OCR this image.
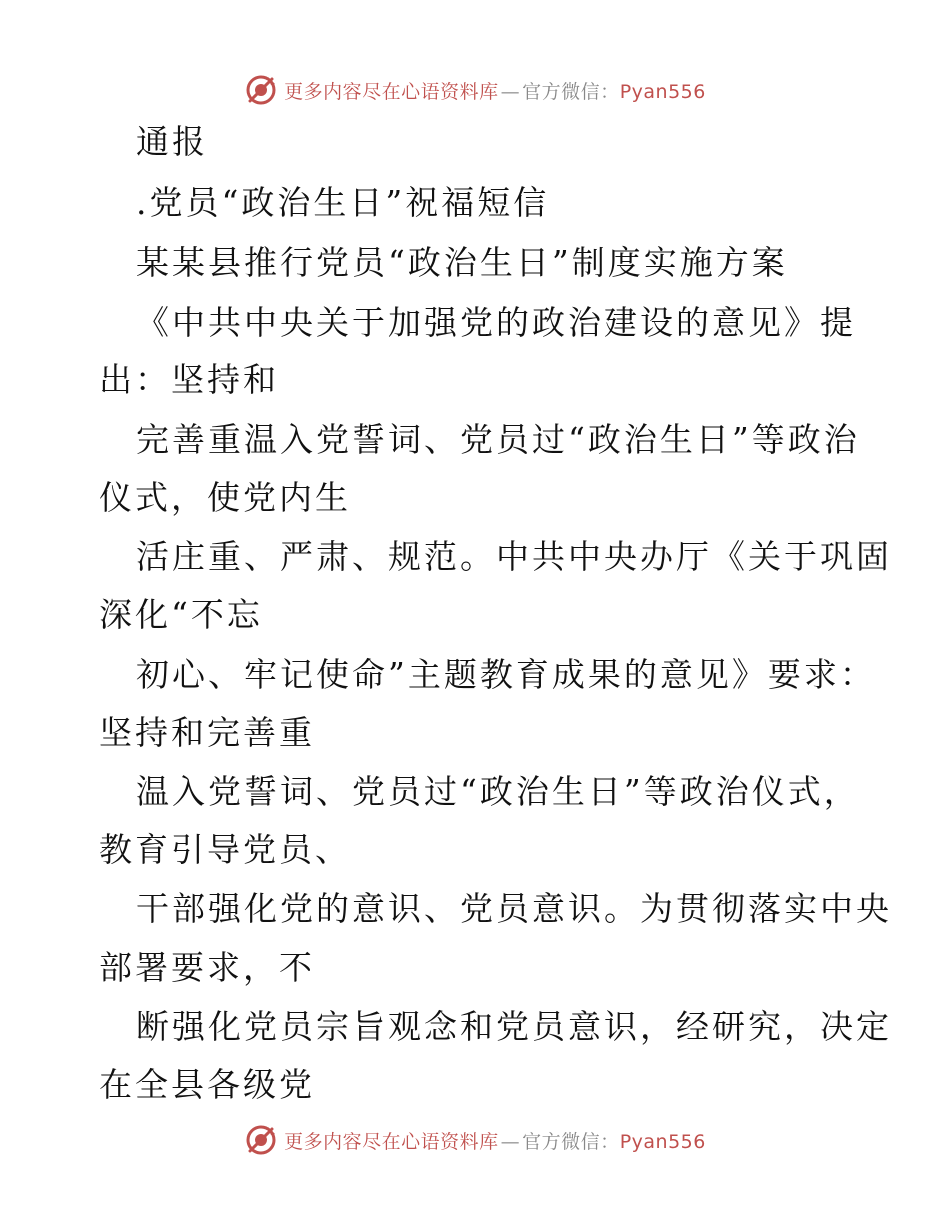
更多内容尽在心语资料库 — 官方微信：Pyan556
通报
.党员“政治生日”祝福短信
某某县推行党员“政治生日”制度实施方案
《中共中央关于加强党的政治建设的意见》提
出：坚持和
完善重温入党誓词、党员过“政治生日”等政治
仪式，使党内生
活庄重、严肃、规范。中共中央办厅《关于巩固
深化“不忘
初心、牢记使命”主题教育成果的意见》要求：
坚持和完善重
温入党誓词、党员过“政治生日”等政治仪式，
教育引导党员、
干部强化党的意识、党员意识。为贯彻落实中央
部署要求，不
断强化党员宗旨观念和党员意识，经研究，决定
在全县各级党
更多内容尽在心语资料库 — 官方微信：Pyan556
